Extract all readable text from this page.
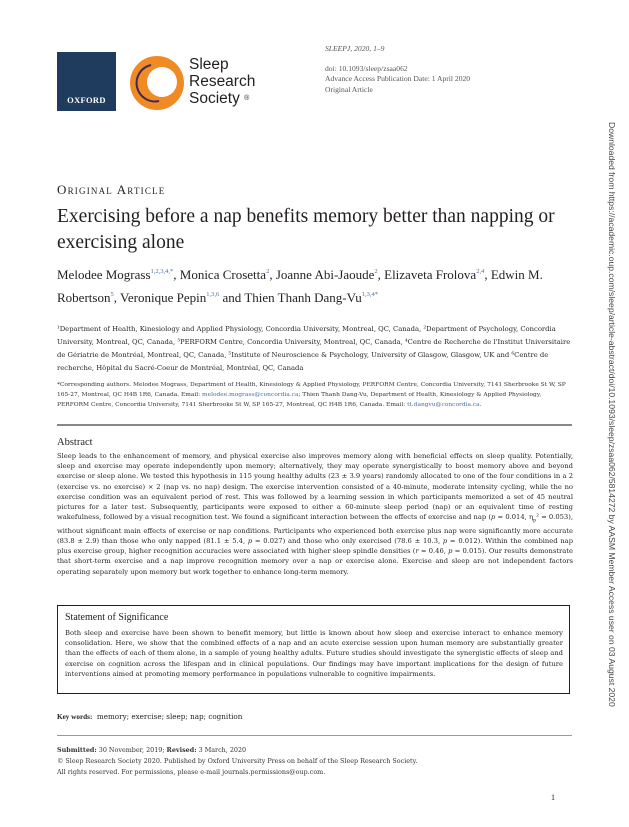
OXFORD
Sleep
Research
Society ®
SLEEPJ, 2020, 1–9
doi: 10.1093/sleep/zsaa062
Advance Access Publication Date: 1 April 2020
Original Article
Downloaded from https://academic.oup.com/sleep/article-abstract/doi/10.1093/sleep/zsaa062/5814272 by AASM Member Access user on 03 August 2020
Original Article
Exercising before a nap benefits memory better than napping or exercising alone
Melodee Mograss$^{1,2,3,4,*}$, Monica Crosetta$^2$, Joanne Abi-Jaoude$^2$, Elizaveta Frolova$^{2,4}$, Edwin M. Robertson$^5$, Veronique Pepin$^{1,3,6}$ and Thien Thanh Dang-$Vu^{1,3,4*}$
¹Department of Health, Kinesiology and Applied Physiology, Concordia University, Montreal, QC, Canada, ²Department of Psychology, Concordia University, Montreal, QC, Canada, ³PERFORM Centre, Concordia University, Montreal, QC, Canada, ⁴Centre de Recherche de l'Institut Universitaire de Gériatrie de Montréal, Montreal, QC, Canada, ⁵Institute of Neuroscience & Psychology, University of Glasgow, Glasgow, UK and ⁶Centre de recherche, Hôpital du Sacré-Coeur de Montréal, Montréal, QC, Canada
*Corresponding authors. Melodee Mograss, Department of Health, Kinesiology & Applied Physiology, PERFORM Centre, Concordia University, 7141 Sherbrooke St W, SP 165-27, Montreal, QC H4B 1R6, Canada. Email: melodee.mograss@concordia.ca; Thien Thanh Dang-Vu, Department of Health, Kinesiology & Applied Physiology, PERFORM Centre, Concordia University, 7141 Sherbrooke St W, SP 165-27, Montreal, QC H4B 1R6, Canada. Email: tt.dangvu@concordia.ca.
Abstract
Sleep leads to the enhancement of memory, and physical exercise also improves memory along with beneficial effects on sleep quality. Potentially, sleep and exercise may operate independently upon memory; alternatively, they may operate synergistically to boost memory above and beyond exercise or sleep alone. We tested this hypothesis in 115 young healthy adults (23 ± 3.9 years) randomly allocated to one of the four conditions in a 2 (exercise vs. no exercise) × 2 (nap vs. no nap) design. The exercise intervention consisted of a 40-minute, moderate intensity cycling, while the no exercise condition was an equivalent period of rest. This was followed by a learning session in which participants memorized a set of 45 neutral pictures for a later test. Subsequently, participants were exposed to either a 60-minute sleep period (nap) or an equivalent time of resting wakefulness, followed by a visual recognition test. We found a significant interaction between the effects of exercise and nap (p = 0.014, $\eta_p^2 = 0.053$), without significant main effects of exercise or nap conditions. Participants who experienced both exercise plus nap were significantly more accurate (83.8 ± 2.9) than those who only napped (81.1 ± 5.4, p = 0.027) and those who only exercised (78.6 ± 10.3, p = 0.012). Within the combined nap plus exercise group, higher recognition accuracies were associated with higher sleep spindle densities (r = 0.46, p = 0.015). Our results demonstrate that short-term exercise and a nap improve recognition memory over a nap or exercise alone. Exercise and sleep are not independent factors operating separately upon memory but work together to enhance long-term memory.
Statement of Significance
Both sleep and exercise have been shown to benefit memory, but little is known about how sleep and exercise interact to enhance memory consolidation. Here, we show that the combined effects of a nap and an acute exercise session upon human memory are substantially greater than the effects of each of them alone, in a sample of young healthy adults. Future studies should investigate the synergistic effects of sleep and exercise on cognition across the lifespan and in clinical populations. Our findings may have important implications for the design of future interventions aimed at promoting memory performance in populations vulnerable to cognitive impairments.
Key words: memory; exercise; sleep; nap; cognition
Submitted: 30 November, 2019; Revised: 3 March, 2020
© Sleep Research Society 2020. Published by Oxford University Press on behalf of the Sleep Research Society.
All rights reserved. For permissions, please e-mail journals.permissions@oup.com.
1
